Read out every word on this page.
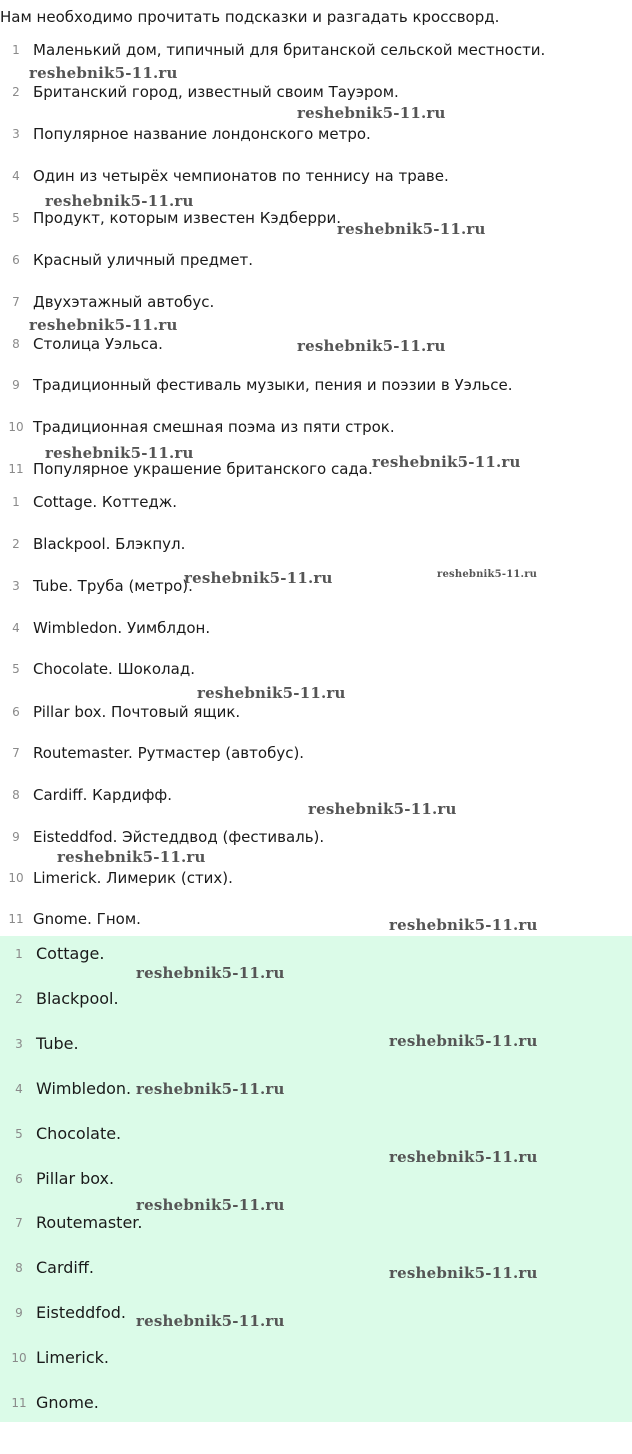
Нам необходимо прочитать подсказки и разгадать кроссворд.
1 Маленький дом, типичный для британской сельской местности.
2 Британский город, известный своим Тауэром.
3 Популярное название лондонского метро.
4 Один из четырёх чемпионатов по теннису на траве.
5 Продукт, которым известен Кэдберри.
6 Красный уличный предмет.
7 Двухэтажный автобус.
8 Столица Уэльса.
9 Традиционный фестиваль музыки, пения и поэзии в Уэльсе.
10 Традиционная смешная поэма из пяти строк.
11 Популярное украшение британского сада.
1 Cottage. Коттедж.
2 Blackpool. Блэкпул.
3 Tube. Труба (метро).
4 Wimbledon. Уимблдон.
5 Chocolate. Шоколад.
6 Pillar box. Почтовый ящик.
7 Routemaster. Рутмастер (автобус).
8 Cardiff. Кардифф.
9 Eisteddfod. Эйстеддвод (фестиваль).
10 Limerick. Лимерик (стих).
11 Gnome. Гном.
1 Cottage.
2 Blackpool.
3 Tube.
4 Wimbledon.
5 Chocolate.
6 Pillar box.
7 Routemaster.
8 Cardiff.
9 Eisteddfod.
10 Limerick.
11 Gnome.
reshebnik5-11.ru
reshebnik5-11.ru
reshebnik5-11.ru
reshebnik5-11.ru
reshebnik5-11.ru
reshebnik5-11.ru
reshebnik5-11.ru	reshebnik5-11.ru
reshebnik5-11.ru	reshebnik5-11.ru
reshebnik5-11.ru
reshebnik5-11.ru
reshebnik5-11.ru
reshebnik5-11.ru
reshebnik5-11.ru
reshebnik5-11.ru
reshebnik5-11.ru
reshebnik5-11.ru
reshebnik5-11.ru
reshebnik5-11.ru
reshebnik5-11.ru
